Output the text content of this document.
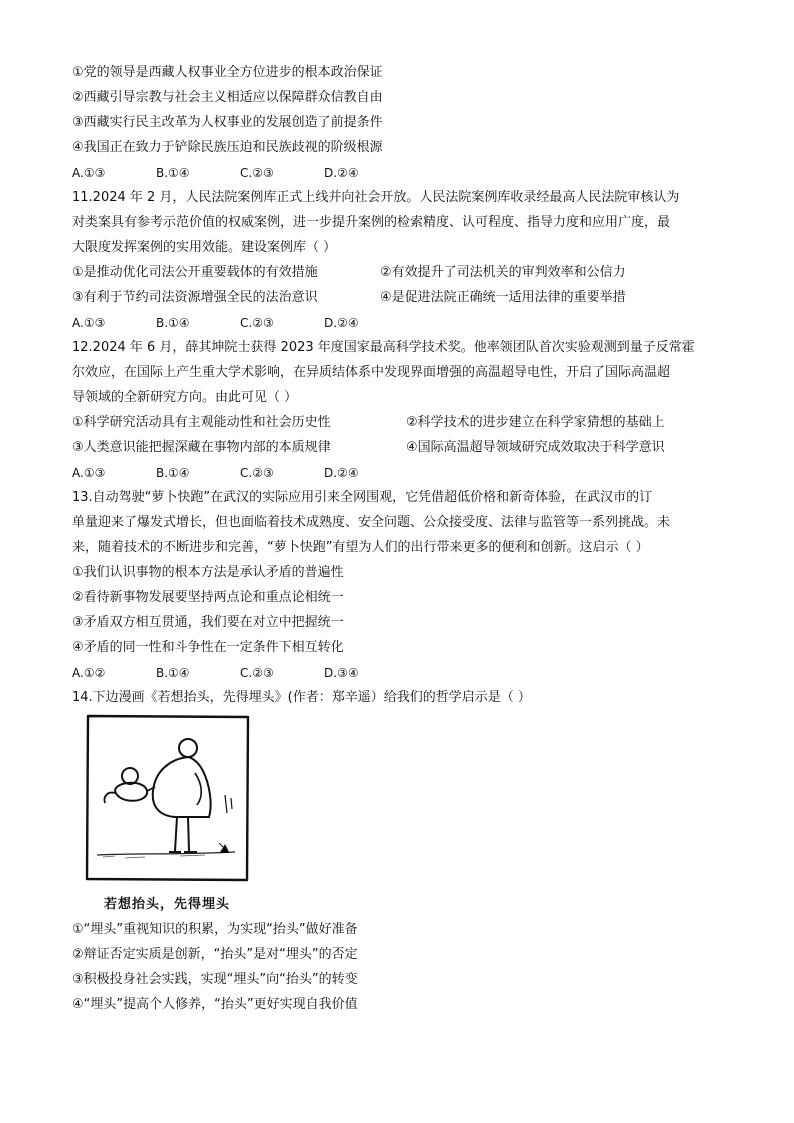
①党的领导是西藏人权事业全方位进步的根本政治保证
②西藏引导宗教与社会主义相适应以保障群众信教自由
③西藏实行民主改革为人权事业的发展创造了前提条件
④我国正在致力于铲除民族压迫和民族歧视的阶级根源
A.①③	B.①④	C.②③	D.②④
11.2024 年 2 月，人民法院案例库正式上线并向社会开放。人民法院案例库收录经最高人民法院审核认为
对类案具有参考示范价值的权威案例，进一步提升案例的检索精度、认可程度、指导力度和应用广度，最
大限度发挥案例的实用效能。建设案例库（ ）
①是推动优化司法公开重要载体的有效措施	②有效提升了司法机关的审判效率和公信力
③有利于节约司法资源增强全民的法治意识	④是促进法院正确统一适用法律的重要举措
A.①③	B.①④	C.②③	D.②④
12.2024 年 6 月，薛其坤院士获得 2023 年度国家最高科学技术奖。他率领团队首次实验观测到量子反常霍
尔效应，在国际上产生重大学术影响，在异质结体系中发现界面增强的高温超导电性，开启了国际高温超
导领域的全新研究方向。由此可见（ ）
①科学研究活动具有主观能动性和社会历史性	②科学技术的进步建立在科学家猜想的基础上
③人类意识能把握深藏在事物内部的本质规律	④国际高温超导领域研究成效取决于科学意识
A.①③	B.①④	C.②③	D.②④
13.自动驾驶“萝卜快跑”在武汉的实际应用引来全网围观，它凭借超低价格和新奇体验，在武汉市的订
单量迎来了爆发式增长，但也面临着技术成熟度、安全问题、公众接受度、法律与监管等一系列挑战。未
来，随着技术的不断进步和完善，“萝卜快跑”有望为人们的出行带来更多的便利和创新。这启示（ ）
①我们认识事物的根本方法是承认矛盾的普遍性
②看待新事物发展要坚持两点论和重点论相统一
③矛盾双方相互贯通，我们要在对立中把握统一
④矛盾的同一性和斗争性在一定条件下相互转化
A.①②	B.①④	C.②③	D.③④
14.下边漫画《若想抬头，先得埋头》(作者：郑辛遥）给我们的哲学启示是（ ）
若想抬头，先得埋头
①“埋头”重视知识的积累，为实现“抬头”做好准备
②辩证否定实质是创新，“抬头”是对“埋头”的否定
③积极投身社会实践，实现“埋头”向“抬头”的转变
④“埋头”提高个人修养，“抬头”更好实现自我价值
